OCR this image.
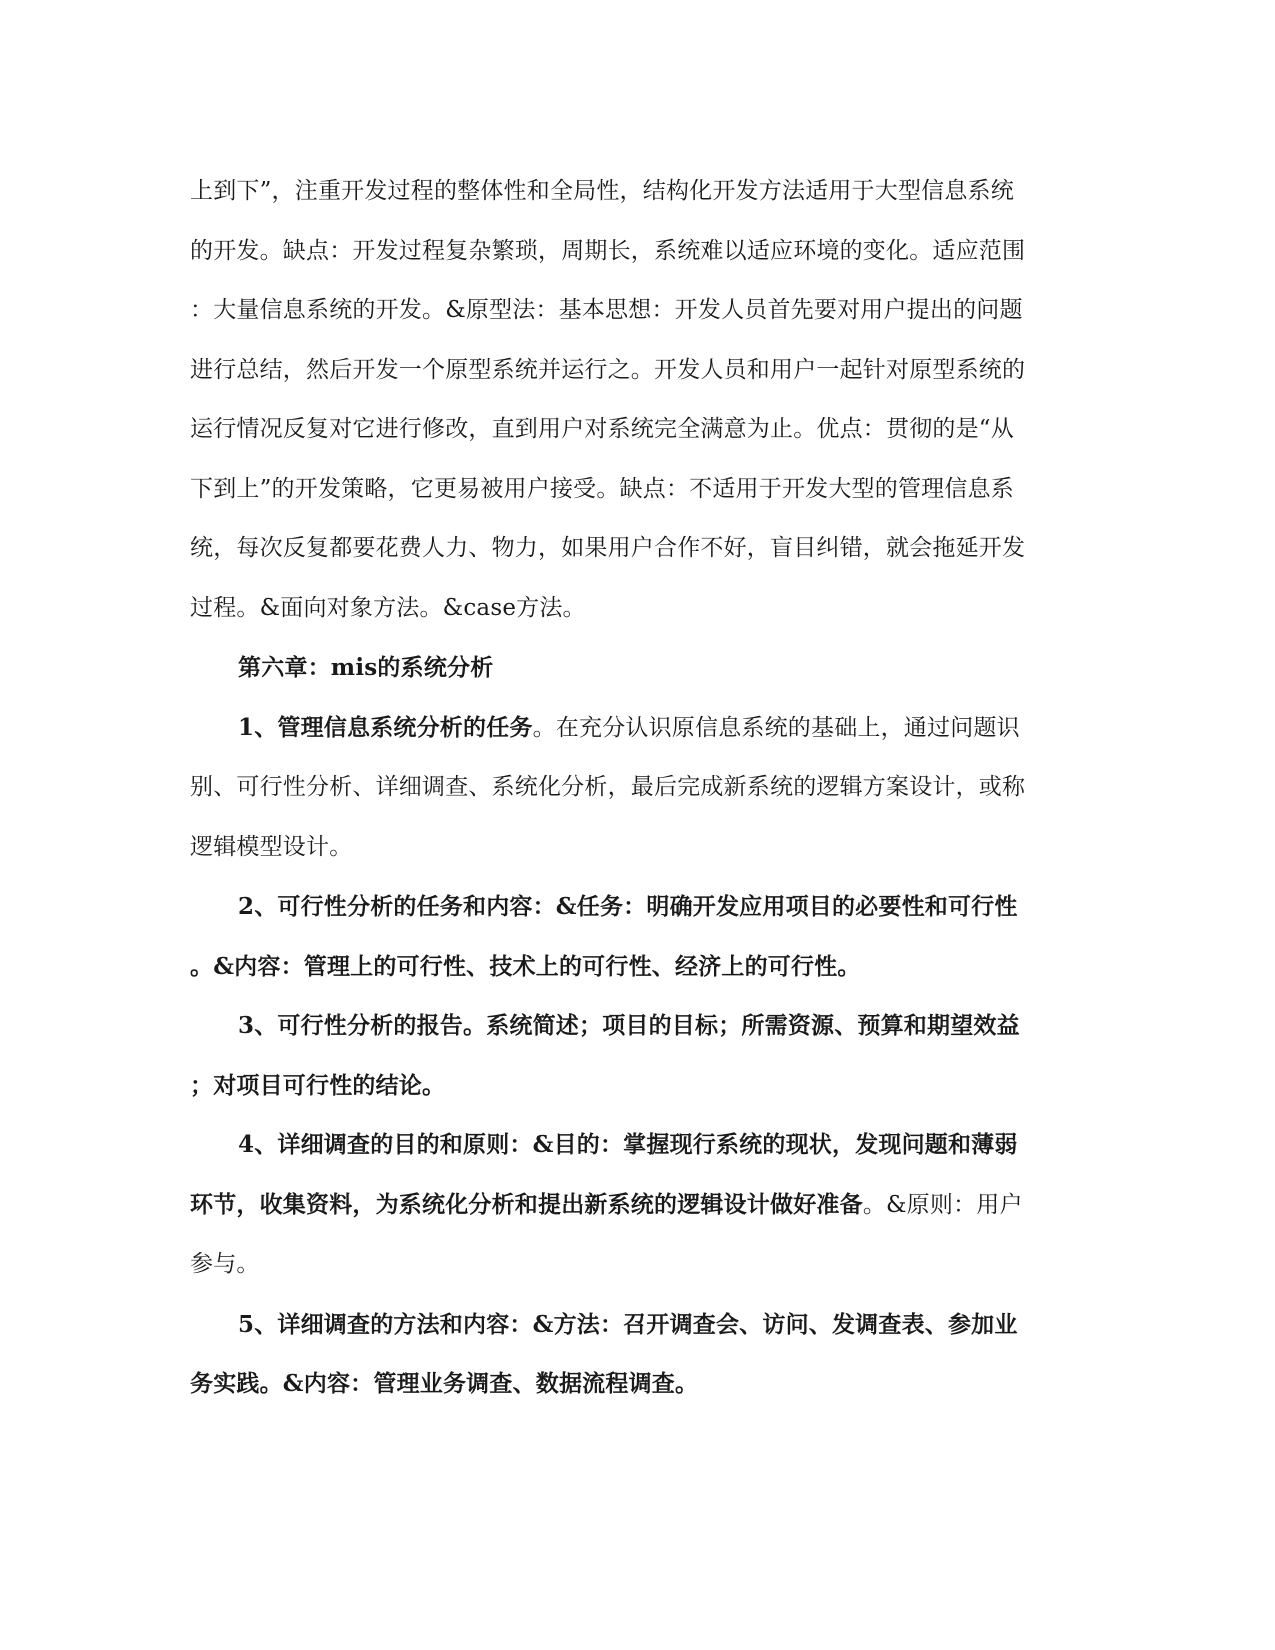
上到下”，注重开发过程的整体性和全局性，结构化开发方法适用于大型信息系统
的开发。缺点：开发过程复杂繁琐，周期长，系统难以适应环境的变化。适应范围
：大量信息系统的开发。&原型法：基本思想：开发人员首先要对用户提出的问题
进行总结，然后开发一个原型系统并运行之。开发人员和用户一起针对原型系统的
运行情况反复对它进行修改，直到用户对系统完全满意为止。优点：贯彻的是“从
下到上”的开发策略，它更易被用户接受。缺点：不适用于开发大型的管理信息系
统，每次反复都要花费人力、物力，如果用户合作不好，盲目纠错，就会拖延开发
过程。&面向对象方法。&case方法。

第六章：mis的系统分析

1、管理信息系统分析的任务。在充分认识原信息系统的基础上，通过问题识
别、可行性分析、详细调查、系统化分析，最后完成新系统的逻辑方案设计，或称
逻辑模型设计。

2、可行性分析的任务和内容：&任务：明确开发应用项目的必要性和可行性
。&内容：管理上的可行性、技术上的可行性、经济上的可行性。

3、可行性分析的报告。系统简述；项目的目标；所需资源、预算和期望效益
；对项目可行性的结论。

4、详细调查的目的和原则：&目的：掌握现行系统的现状，发现问题和薄弱
环节，收集资料，为系统化分析和提出新系统的逻辑设计做好准备。&原则：用户
参与。

5、详细调查的方法和内容：&方法：召开调查会、访问、发调查表、参加业
务实践。&内容：管理业务调查、数据流程调查。
